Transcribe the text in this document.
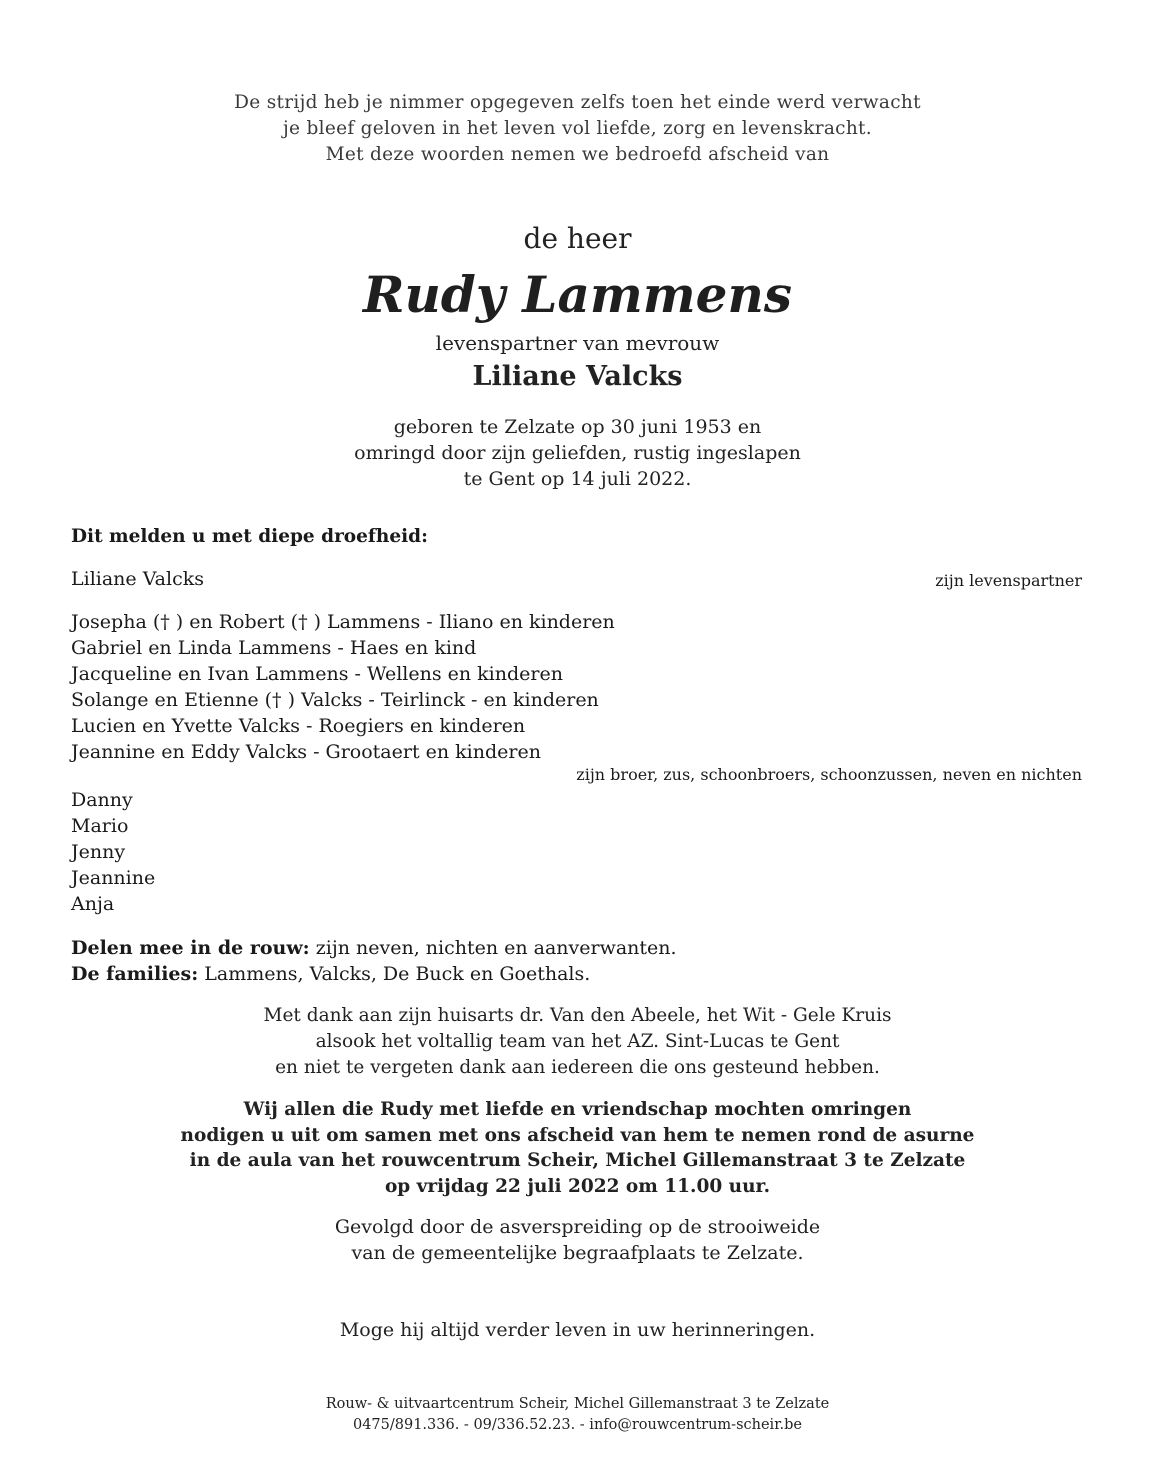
De strijd heb je nimmer opgegeven zelfs toen het einde werd verwacht
je bleef geloven in het leven vol liefde, zorg en levenskracht.
Met deze woorden nemen we bedroefd afscheid van
de heer
Rudy Lammens
levenspartner van mevrouw
Liliane Valcks
geboren te Zelzate op 30 juni 1953 en
omringd door zijn geliefden, rustig ingeslapen
te Gent op 14 juli 2022.
Dit melden u met diepe droefheid:
Liliane Valcks	zijn levenspartner
Josepha († ) en Robert († ) Lammens - Iliano en kinderen
Gabriel en Linda Lammens - Haes en kind
Jacqueline en Ivan Lammens - Wellens en kinderen
Solange en Etienne († ) Valcks - Teirlinck - en kinderen
Lucien en Yvette Valcks - Roegiers en kinderen
Jeannine en Eddy Valcks - Grootaert en kinderen
zijn broer, zus, schoonbroers, schoonzussen, neven en nichten
Danny
Mario
Jenny
Jeannine
Anja
Delen mee in de rouw: zijn neven, nichten en aanverwanten.
De families: Lammens, Valcks, De Buck en Goethals.
Met dank aan zijn huisarts dr. Van den Abeele, het Wit - Gele Kruis
alsook het voltallig team van het AZ. Sint-Lucas te Gent
en niet te vergeten dank aan iedereen die ons gesteund hebben.
Wij allen die Rudy met liefde en vriendschap mochten omringen
nodigen u uit om samen met ons afscheid van hem te nemen rond de asurne
in de aula van het rouwcentrum Scheir, Michel Gillemanstraat 3 te Zelzate
op vrijdag 22 juli 2022 om 11.00 uur.
Gevolgd door de asverspreiding op de strooiweide
van de gemeentelijke begraafplaats te Zelzate.
Moge hij altijd verder leven in uw herinneringen.
Rouw- & uitvaartcentrum Scheir, Michel Gillemanstraat 3 te Zelzate
0475/891.336. - 09/336.52.23. - info@rouwcentrum-scheir.be
